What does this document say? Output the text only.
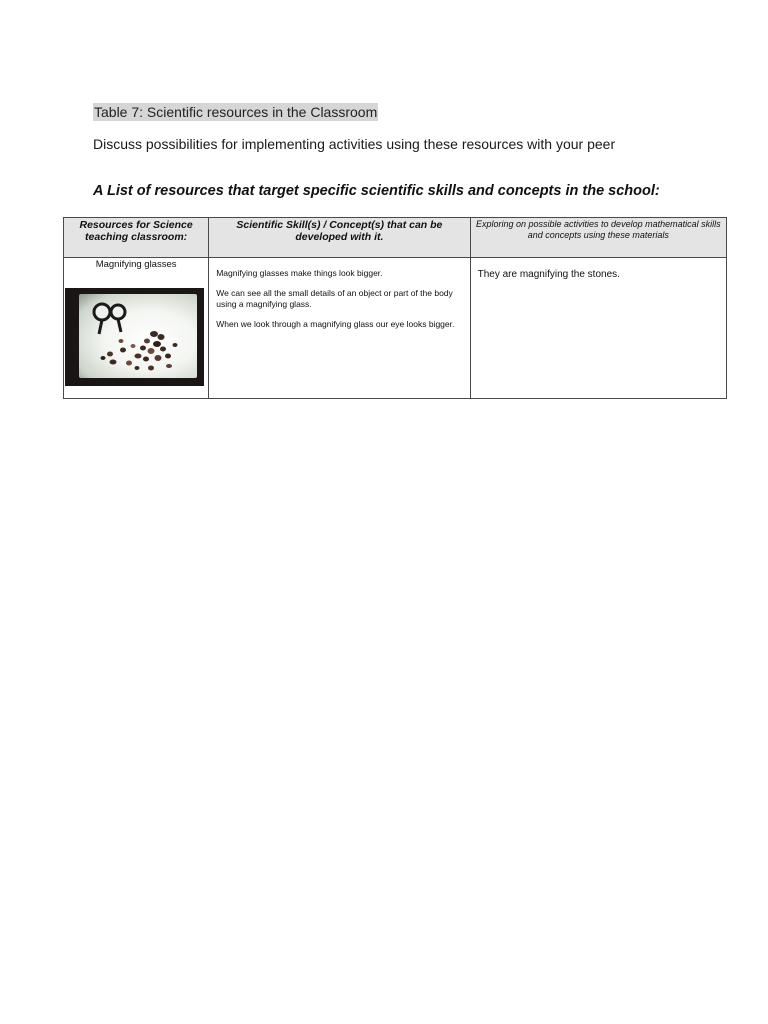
Table 7: Scientific resources in the Classroom
Discuss possibilities for implementing activities using these resources with your peer
A List of resources that target specific scientific skills and concepts in the school:
Resources for Science teaching classroom:	Scientific Skill(s) / Concept(s) that can be developed with it.	Exploring on possible activities to develop mathematical skills and concepts using these materials

Magnifying glasses	Magnifying glasses make things look bigger.

We can see all the small details of an object or part of the body using a magnifying glass.

When we look through a magnifying glass our eye looks bigger.	They are magnifying the stones.
